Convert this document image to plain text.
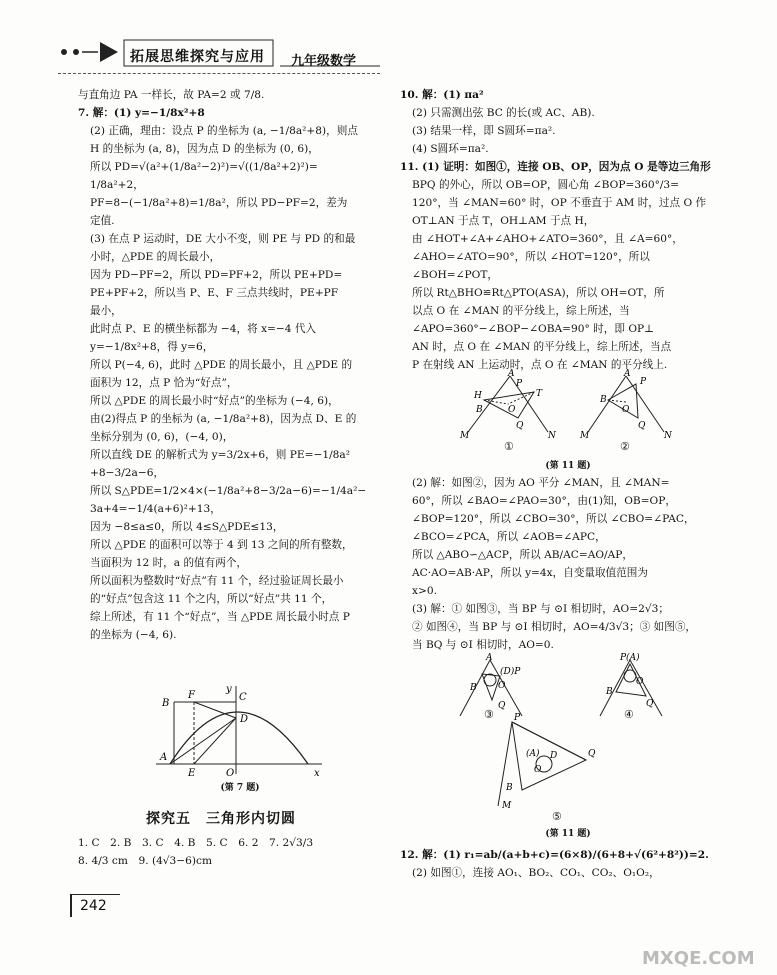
拓展思维探究与应用 九年级数学
与直角边 PA 一样长，故 PA=2 或 7/8.
7. 解：(1) y=−1/8x²+8
(2) 正确，理由：设点 P 的坐标为 (a, −1/8a²+8)，则点
H 的坐标为 (a, 8)，因为点 D 的坐标为 (0, 6)，
所以 PD=√(a²+(1/8a²−2)²)=√((1/8a²+2)²)=
1/8a²+2，
PF=8−(−1/8a²+8)=1/8a²，所以 PD−PF=2，差为
定值.
(3) 在点 P 运动时，DE 大小不变，则 PE 与 PD 的和最
小时，△PDE 的周长最小，
因为 PD−PF=2，所以 PD=PF+2，所以 PE+PD=
PE+PF+2，所以当 P、E、F 三点共线时，PE+PF
最小，
此时点 P、E 的横坐标都为 −4，将 x=−4 代入
y=−1/8x²+8，得 y=6，
所以 P(−4, 6)，此时 △PDE 的周长最小，且 △PDE 的
面积为 12，点 P 恰为“好点”，
所以 △PDE 的周长最小时“好点”的坐标为 (−4, 6)，
由(2)得点 P 的坐标为 (a, −1/8a²+8)，因为点 D、E 的
坐标分别为 (0, 6)，(−4, 0)，
所以直线 DE 的解析式为 y=3/2x+6，则 PE=−1/8a²
+8−3/2a−6，
所以 S△PDE=1/2×4×(−1/8a²+8−3/2a−6)=−1/4a²−
3a+4=−1/4(a+6)²+13，
因为 −8≤a≤0，所以 4≤S△PDE≤13，
所以 △PDE 的面积可以等于 4 到 13 之间的所有整数，
当面积为 12 时，a 的值有两个，
所以面积为整数时“好点”有 11 个，经过验证周长最小
的“好点”包含这 11 个之内，所以“好点”共 11 个，
综上所述，有 11 个“好点”，当 △PDE 周长最小时点 P
的坐标为 (−4, 6).
B
F
y
C
D
A
E	O	x
(第 7 题)
探究五　三角形内切圆
1. C　2. B　3. C　4. B　5. C　6. 2　7. 2√3/3
8. 4/3 cm　9. (4√3−6)cm
242
10. 解：(1) πa²
(2) 只需测出弦 BC 的长(或 AC、AB).
(3) 结果一样，即 S圆环=πa².
(4) S圆环=πa².
11. (1) 证明：如图①，连接 OB、OP，因为点 O 是等边三角形
BPQ 的外心，所以 OB=OP，圆心角 ∠BOP=360°/3=
120°，当 ∠MAN=60° 时，OP 不垂直于 AM 时，过点 O 作
OT⊥AN 于点 T，OH⊥AM 于点 H，
由 ∠HOT+∠A+∠AHO+∠ATO=360°，且 ∠A=60°，
∠AHO=∠ATO=90°，所以 ∠HOT=120°，所以
∠BOH=∠POT，
所以 Rt△BHO≌Rt△PTO(ASA)，所以 OH=OT，所
以点 O 在 ∠MAN 的平分线上，综上所述，当
∠APO=360°−∠BOP−∠OBA=90° 时，即 OP⊥
AN 时，点 O 在 ∠MAN 的平分线上，综上所述，当点
P 在射线 AN 上运动时，点 O 在 ∠MAN 的平分线上.
A
H
P
O
T
B
Q
M	N
A
P
O
B
Q
M	N
①	②
(第 11 题)
(2) 解：如图②，因为 AO 平分 ∠MAN，且 ∠MAN=
60°，所以 ∠BAO=∠PAO=30°，由(1)知，OB=OP，
∠BOP=120°，所以 ∠CBO=30°，所以 ∠CBO=∠PAC，
∠BCO=∠PCA，所以 ∠AOB=∠APC，
所以 △ABO∽△ACP，所以 AB/AC=AO/AP，
AC·AO=AB·AP，所以 y=4x，自变量取值范围为
x>0.
(3) 解：① 如图③，当 BP 与 ⊙I 相切时，AO=2√3；
② 如图④，当 BP 与 ⊙I 相切时，AO=4/3√3；③ 如图⑤，
当 BQ 与 ⊙I 相切时，AO=0.
A
(D)P
O
B
Q
P(A)
O
B
Q
P
(A) D
O
Q
B
M
③	④
⑤
(第 11 题)
12. 解：(1) r₁=ab/(a+b+c)=(6×8)/(6+8+√(6²+8²))=2.
(2) 如图①，连接 AO₁、BO₂、CO₁、CO₂、O₁O₂，
MXQE.COM
